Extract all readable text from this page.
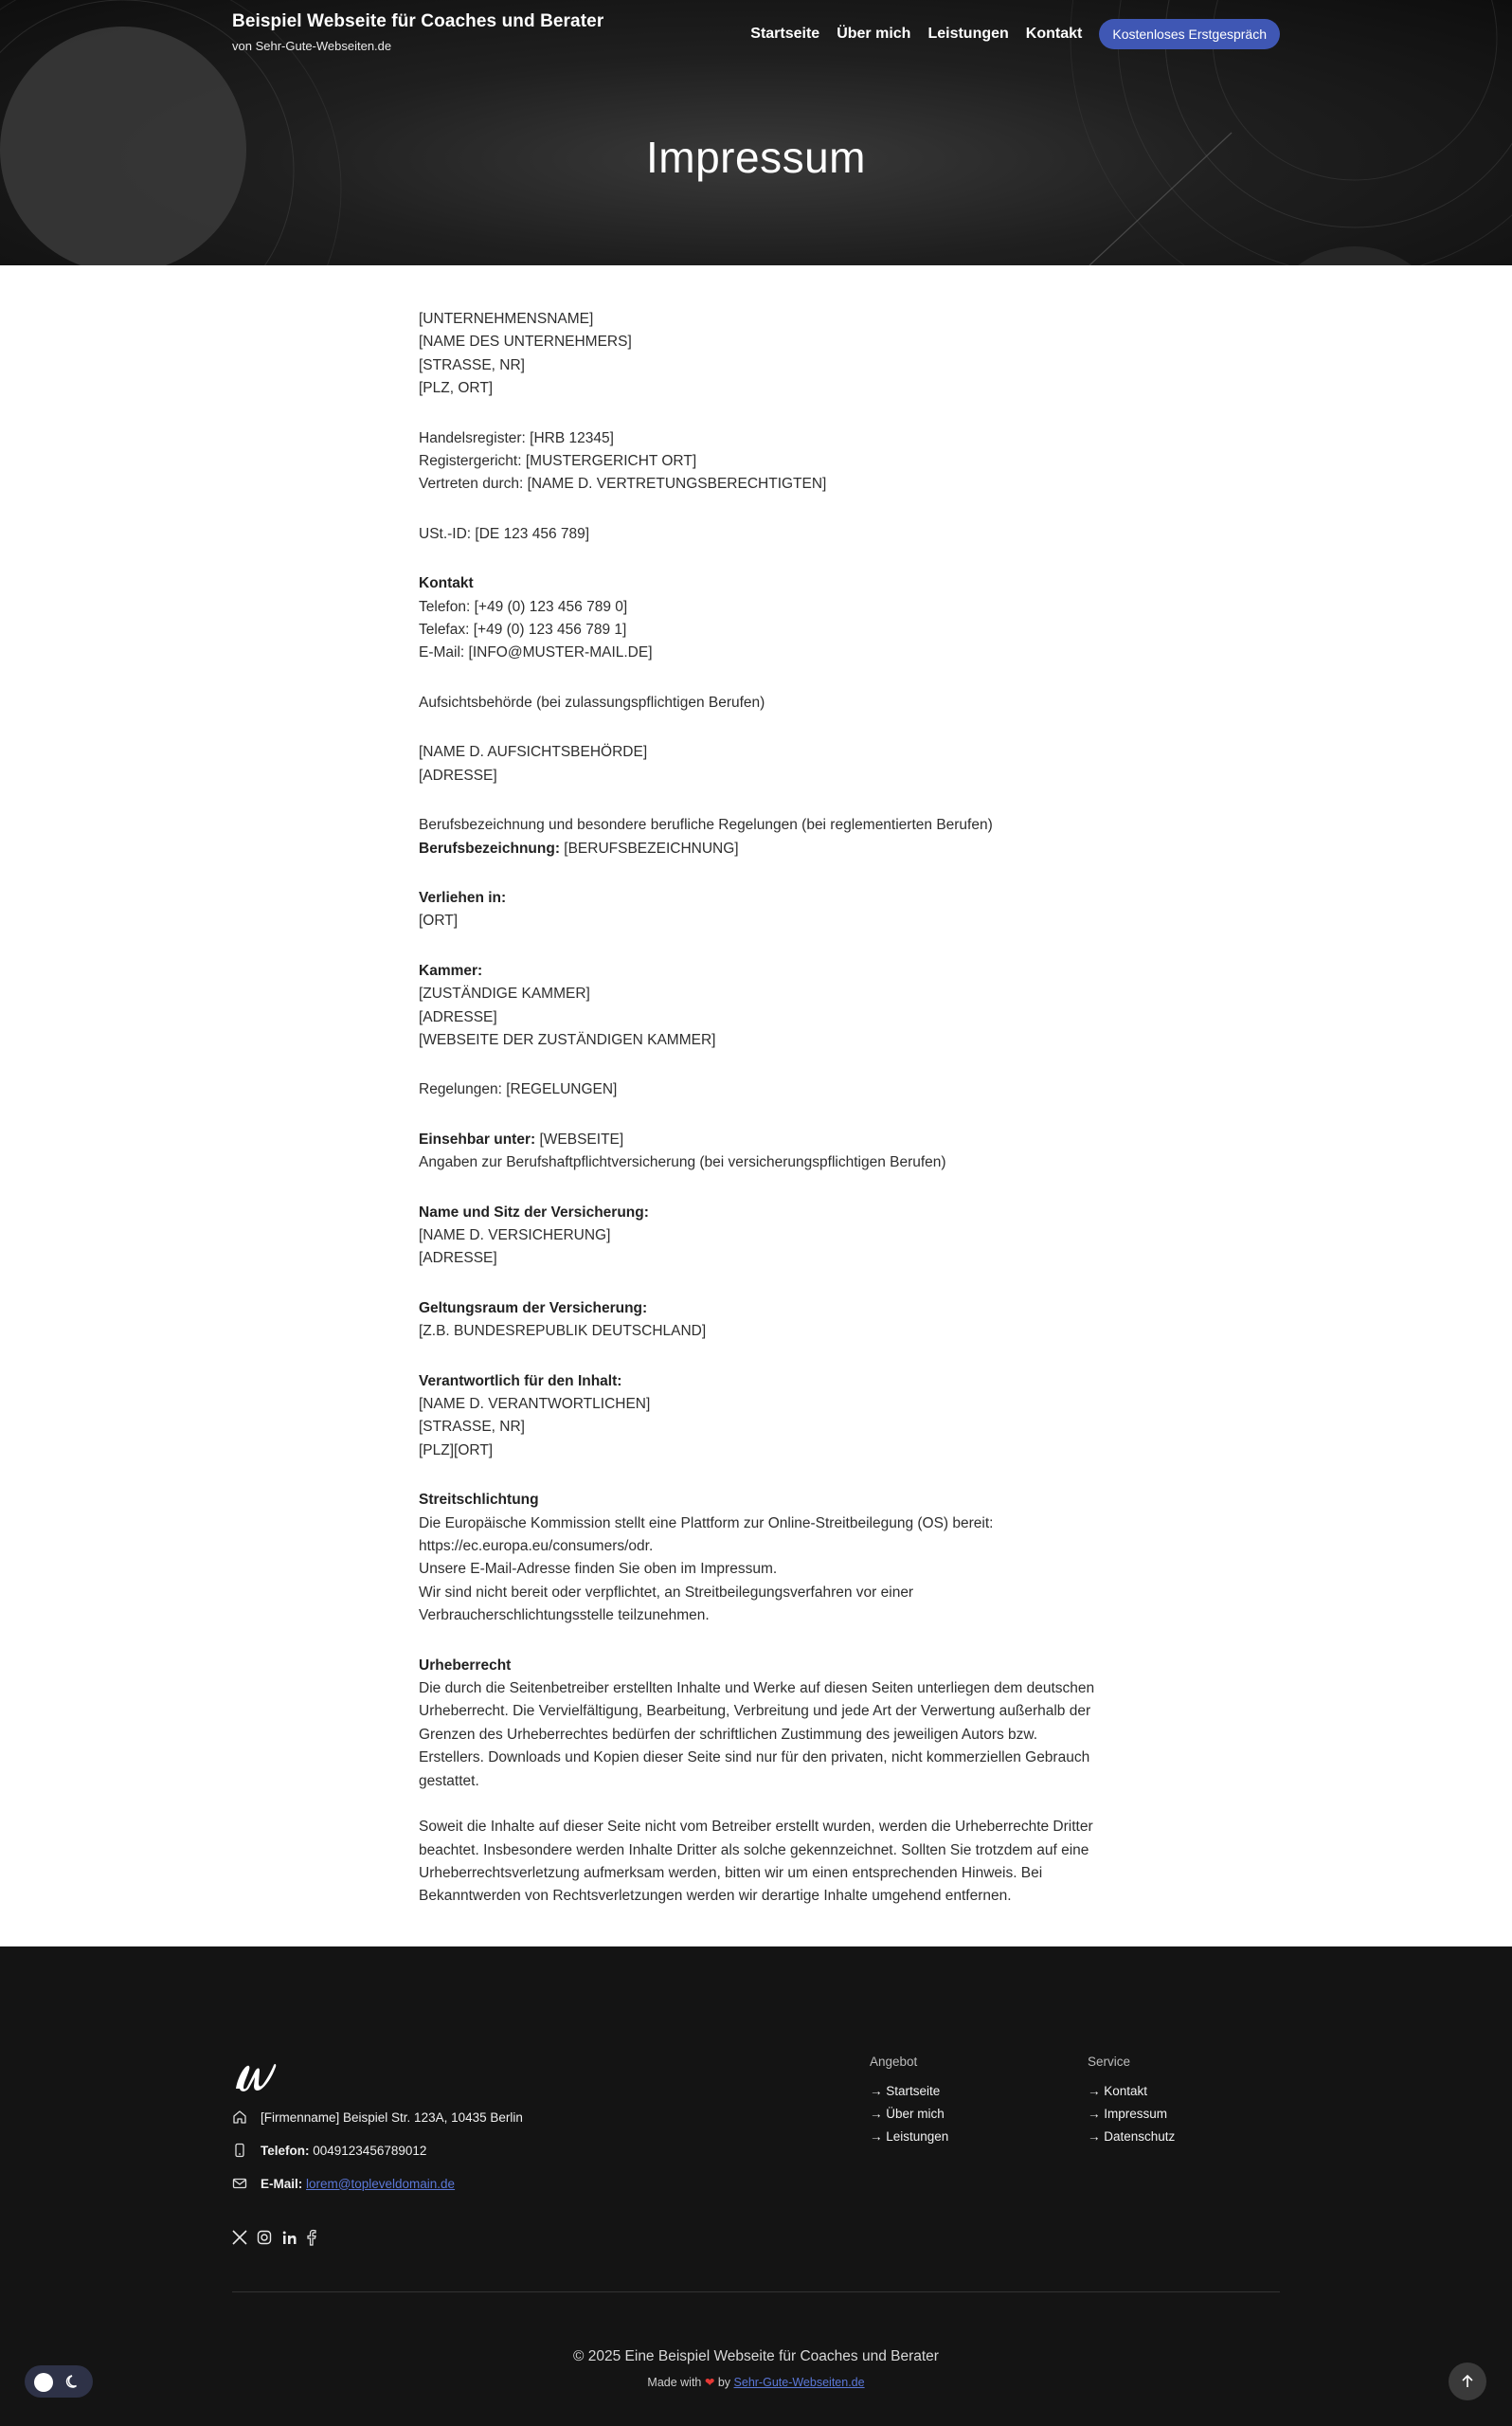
Beispiel Webseite für Coaches und Berater
von Sehr-Gute-Webseiten.de
Startseite Über mich Leistungen Kontakt	Kostenloses Erstgespräch
Impressum

[UNTERNEHMENSNAME]
[NAME DES UNTERNEHMERS]
[STRASSE, NR]
[PLZ, ORT]

Handelsregister: [HRB 12345]
Registergericht: [MUSTERGERICHT ORT]
Vertreten durch: [NAME D. VERTRETUNGSBERECHTIGTEN]

USt.-ID: [DE 123 456 789]

Kontakt
Telefon: [+49 (0) 123 456 789 0]
Telefax: [+49 (0) 123 456 789 1]
E-Mail: [INFO@MUSTER-MAIL.DE]

Aufsichtsbehörde (bei zulassungspflichtigen Berufen)

[NAME D. AUFSICHTSBEHÖRDE]
[ADRESSE]

Berufsbezeichnung und besondere berufliche Regelungen (bei reglementierten Berufen)
Berufsbezeichnung: [BERUFSBEZEICHNUNG]

Verliehen in:
[ORT]

Kammer:
[ZUSTÄNDIGE KAMMER]
[ADRESSE]
[WEBSEITE DER ZUSTÄNDIGEN KAMMER]

Regelungen: [REGELUNGEN]

Einsehbar unter: [WEBSEITE]
Angaben zur Berufshaftpflichtversicherung (bei versicherungspflichtigen Berufen)

Name und Sitz der Versicherung:
[NAME D. VERSICHERUNG]
[ADRESSE]

Geltungsraum der Versicherung:
[Z.B. BUNDESREPUBLIK DEUTSCHLAND]

Verantwortlich für den Inhalt:
[NAME D. VERANTWORTLICHEN]
[STRASSE, NR]
[PLZ][ORT]

Streitschlichtung
Die Europäische Kommission stellt eine Plattform zur Online-Streitbeilegung (OS) bereit:
https://ec.europa.eu/consumers/odr.
Unsere E-Mail-Adresse finden Sie oben im Impressum.
Wir sind nicht bereit oder verpflichtet, an Streitbeilegungsverfahren vor einer
Verbraucherschlichtungsstelle teilzunehmen.

Urheberrecht
Die durch die Seitenbetreiber erstellten Inhalte und Werke auf diesen Seiten unterliegen dem deutschen Urheberrecht. Die Vervielfältigung, Bearbeitung, Verbreitung und jede Art der Verwertung außerhalb der Grenzen des Urheberrechtes bedürfen der schriftlichen Zustimmung des jeweiligen Autors bzw. Erstellers. Downloads und Kopien dieser Seite sind nur für den privaten, nicht kommerziellen Gebrauch gestattet.

Soweit die Inhalte auf dieser Seite nicht vom Betreiber erstellt wurden, werden die Urheberrechte Dritter beachtet. Insbesondere werden Inhalte Dritter als solche gekennzeichnet. Sollten Sie trotzdem auf eine Urheberrechtsverletzung aufmerksam werden, bitten wir um einen entsprechenden Hinweis. Bei Bekanntwerden von Rechtsverletzungen werden wir derartige Inhalte umgehend entfernen.

[Firmenname] Beispiel Str. 123A, 10435 Berlin
Telefon: 0049123456789012
E-Mail: lorem@topleveldomain.de
Angebot
→ Startseite
→ Über mich
→ Leistungen
Service
→ Kontakt
→ Impressum
→ Datenschutz
© 2025 Eine Beispiel Webseite für Coaches und Berater
Made with ❤ by Sehr-Gute-Webseiten.de
